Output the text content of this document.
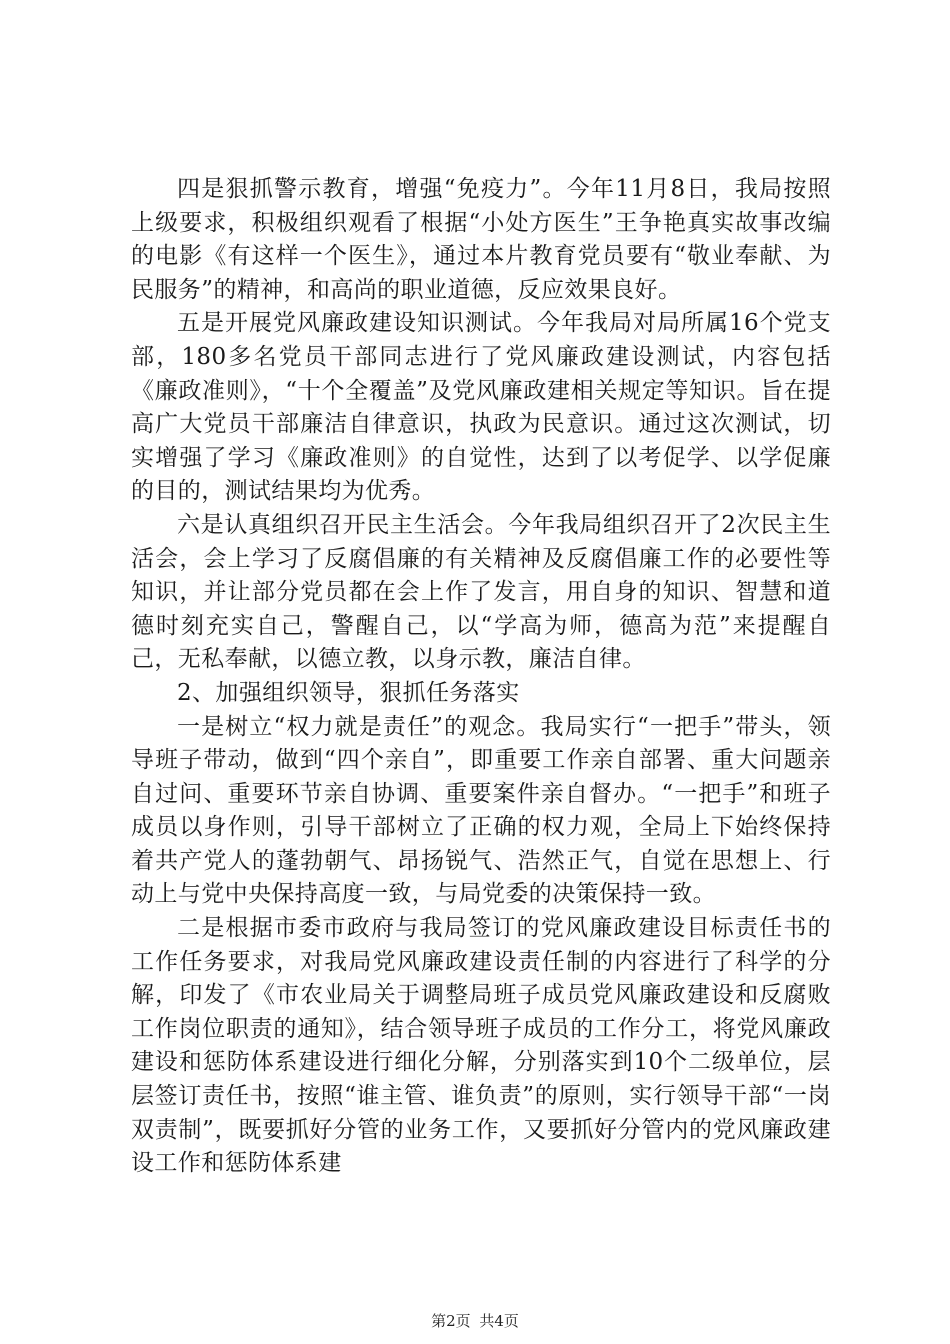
四是狠抓警示教育，增强“免疫力”。今年11月8日，我局按照上级要求，积极组织观看了根据“小处方医生”王争艳真实故事改编的电影《有这样一个医生》，通过本片教育党员要有“敬业奉献、为民服务”的精神，和高尚的职业道德，反应效果良好。

五是开展党风廉政建设知识测试。今年我局对局所属16个党支部，180多名党员干部同志进行了党风廉政建设测试，内容包括《廉政准则》，“十个全覆盖”及党风廉政建相关规定等知识。旨在提高广大党员干部廉洁自律意识，执政为民意识。通过这次测试，切实增强了学习《廉政准则》的自觉性，达到了以考促学、以学促廉的目的，测试结果均为优秀。

六是认真组织召开民主生活会。今年我局组织召开了2次民主生活会，会上学习了反腐倡廉的有关精神及反腐倡廉工作的必要性等知识，并让部分党员都在会上作了发言，用自身的知识、智慧和道德时刻充实自己，警醒自己，以“学高为师，德高为范”来提醒自己，无私奉献，以德立教，以身示教，廉洁自律。

2、加强组织领导，狠抓任务落实

一是树立“权力就是责任”的观念。我局实行“一把手”带头，领导班子带动，做到“四个亲自”，即重要工作亲自部署、重大问题亲自过问、重要环节亲自协调、重要案件亲自督办。“一把手”和班子成员以身作则，引导干部树立了正确的权力观，全局上下始终保持着共产党人的蓬勃朝气、昂扬锐气、浩然正气，自觉在思想上、行动上与党中央保持高度一致，与局党委的决策保持一致。

二是根据市委市政府与我局签订的党风廉政建设目标责任书的工作任务要求，对我局党风廉政建设责任制的内容进行了科学的分解，印发了《市农业局关于调整局班子成员党风廉政建设和反腐败工作岗位职责的通知》，结合领导班子成员的工作分工，将党风廉政建设和惩防体系建设进行细化分解，分别落实到10个二级单位，层层签订责任书，按照“谁主管、谁负责”的原则，实行领导干部“一岗双责制”，既要抓好分管的业务工作，又要抓好分管内的党风廉政建设工作和惩防体系建

第2页 共4页
